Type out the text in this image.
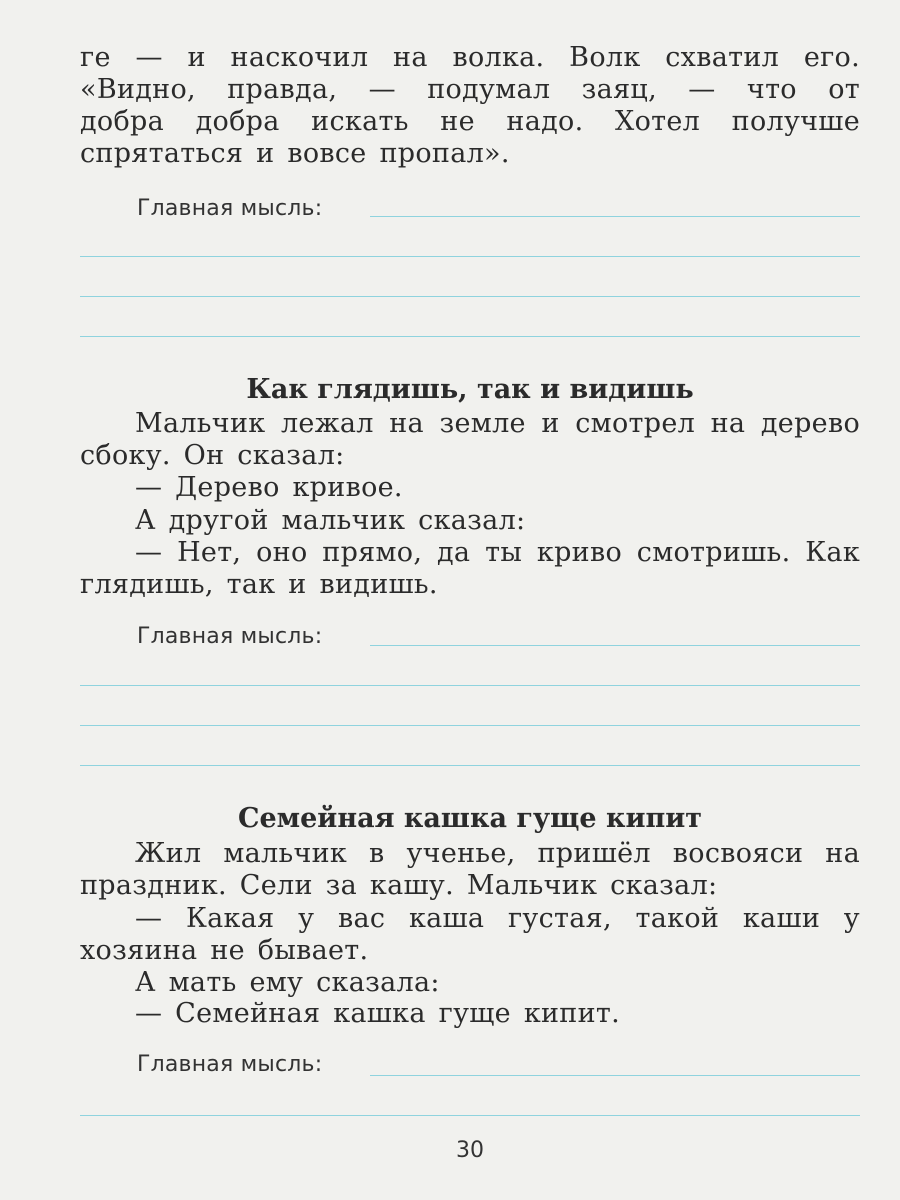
ге — и наскочил на волка. Волк схватил его.
«Видно, правда, — подумал заяц, — что от
добра добра искать не надо. Хотел получше
спрятаться и вовсе пропал».
Главная мысль:
Как глядишь, так и видишь
Мальчик лежал на земле и смотрел на дерево сбоку. Он сказал:
— Дерево кривое.
А другой мальчик сказал:
— Нет, оно прямо, да ты криво смотришь. Как глядишь, так и видишь.
Главная мысль:
Семейная кашка гуще кипит
Жил мальчик в ученье, пришёл восвояси на праздник. Сели за кашу. Мальчик сказал:
— Какая у вас каша густая, такой каши у хозяина не бывает.
А мать ему сказала:
— Семейная кашка гуще кипит.
Главная мысль:
30
